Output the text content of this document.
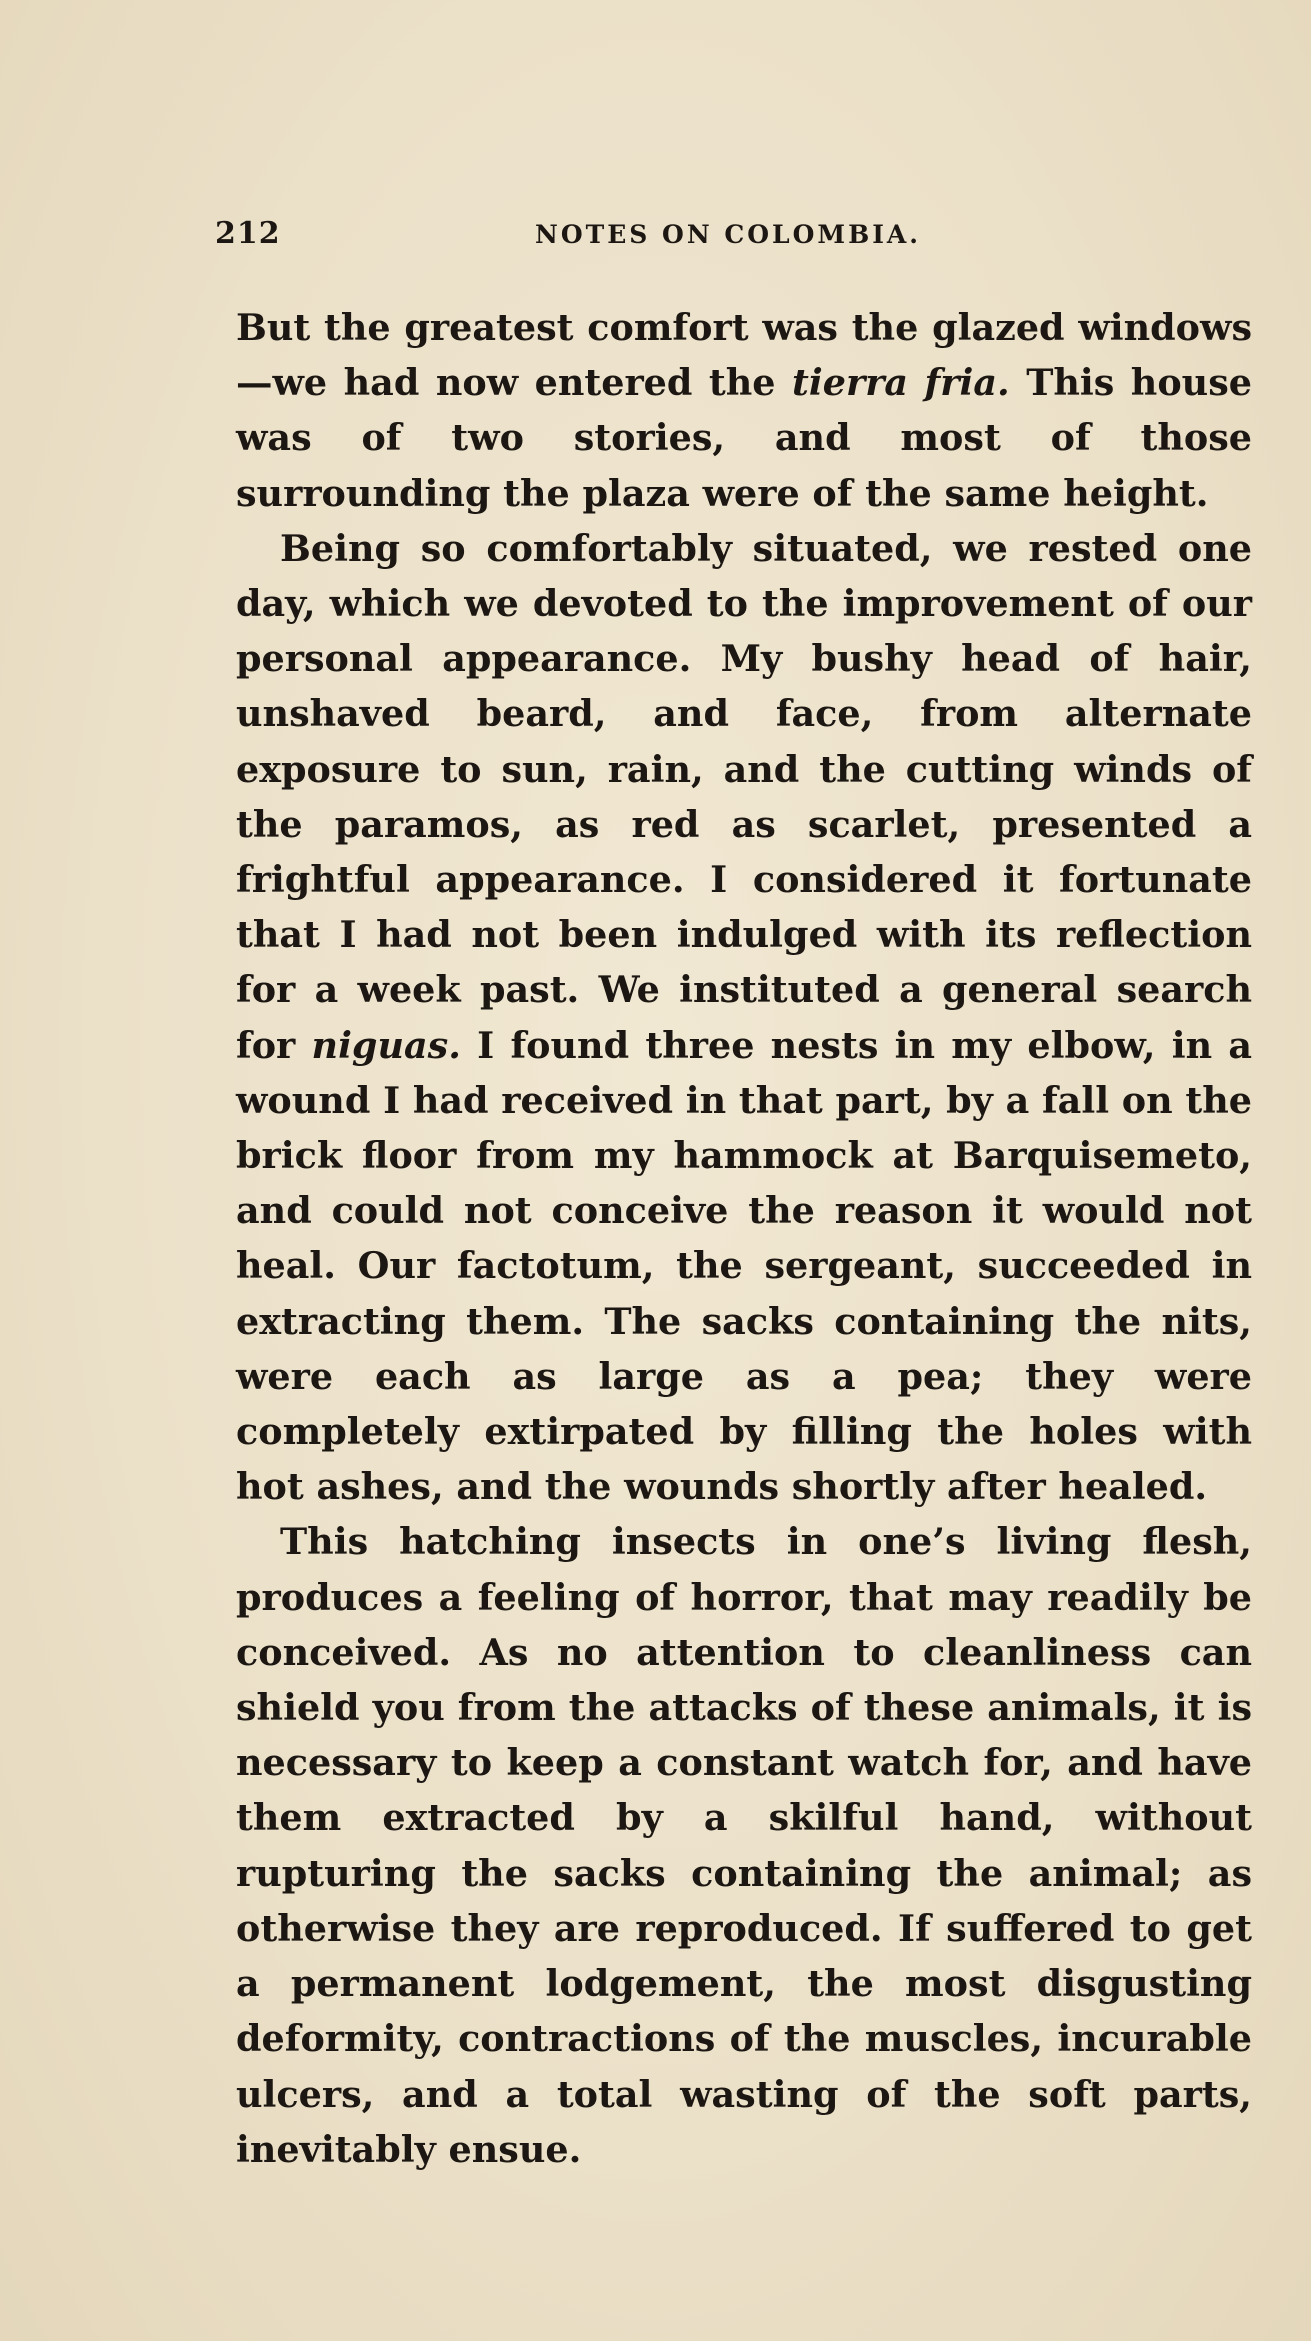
212	NOTES ON COLOMBIA.

But the greatest comfort was the glazed windows —we had now entered the tierra fria. This house was of two stories, and most of those surrounding the plaza were of the same height.

Being so comfortably situated, we rested one day, which we devoted to the improvement of our personal appearance. My bushy head of hair, unshaved beard, and face, from alternate exposure to sun, rain, and the cutting winds of the paramos, as red as scarlet, presented a frightful appearance. I considered it fortunate that I had not been indulged with its reflection for a week past. We instituted a general search for niguas. I found three nests in my elbow, in a wound I had received in that part, by a fall on the brick floor from my hammock at Barquisemeto, and could not conceive the reason it would not heal. Our factotum, the sergeant, succeeded in extracting them. The sacks containing the nits, were each as large as a pea; they were completely extirpated by filling the holes with hot ashes, and the wounds shortly after healed.

This hatching insects in one’s living flesh, produces a feeling of horror, that may readily be conceived. As no attention to cleanliness can shield you from the attacks of these animals, it is necessary to keep a constant watch for, and have them extracted by a skilful hand, without rupturing the sacks containing the animal; as otherwise they are reproduced. If suffered to get a permanent lodgement, the most disgusting deformity, contractions of the muscles, incurable ulcers, and a total wasting of the soft parts, inevitably ensue.
